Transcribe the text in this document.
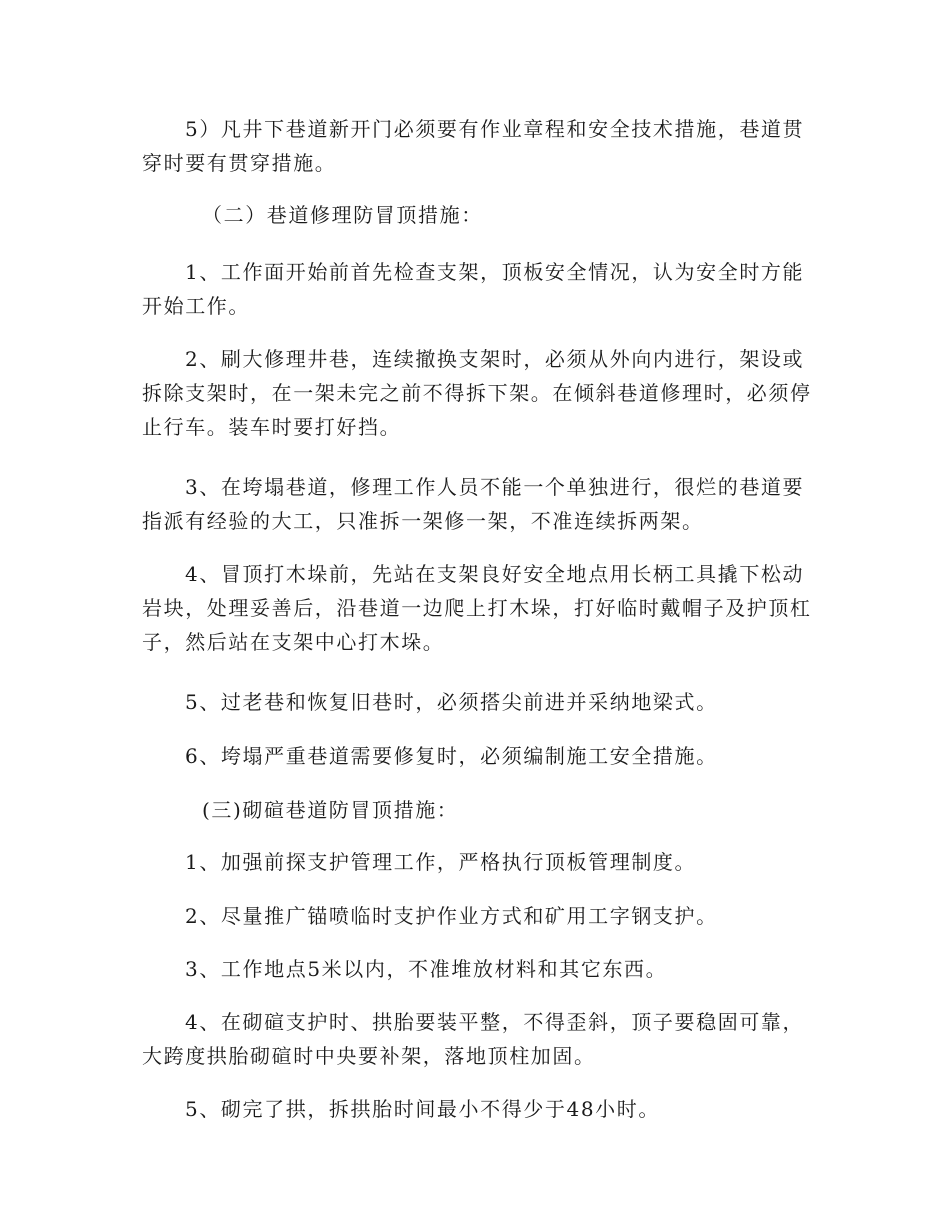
5）凡井下巷道新开门必须要有作业章程和安全技术措施，巷道贯穿时要有贯穿措施。

（二）巷道修理防冒顶措施：

1、工作面开始前首先检查支架，顶板安全情况，认为安全时方能开始工作。

2、刷大修理井巷，连续撤换支架时，必须从外向内进行，架设或拆除支架时，在一架未完之前不得拆下架。在倾斜巷道修理时，必须停止行车。装车时要打好挡。

3、在垮塌巷道，修理工作人员不能一个单独进行，很烂的巷道要指派有经验的大工，只准拆一架修一架，不准连续拆两架。

4、冒顶打木垛前，先站在支架良好安全地点用长柄工具撬下松动岩块，处理妥善后，沿巷道一边爬上打木垛，打好临时戴帽子及护顶杠子，然后站在支架中心打木垛。

5、过老巷和恢复旧巷时，必须搭尖前进并采纳地梁式。

6、垮塌严重巷道需要修复时，必须编制施工安全措施。

(三)砌碹巷道防冒顶措施：

1、加强前探支护管理工作，严格执行顶板管理制度。

2、尽量推广锚喷临时支护作业方式和矿用工字钢支护。

3、工作地点5米以内，不准堆放材料和其它东西。

4、在砌碹支护时、拱胎要装平整，不得歪斜，顶子要稳固可靠，大跨度拱胎砌碹时中央要补架，落地顶柱加固。

5、砌完了拱，拆拱胎时间最小不得少于48小时。
